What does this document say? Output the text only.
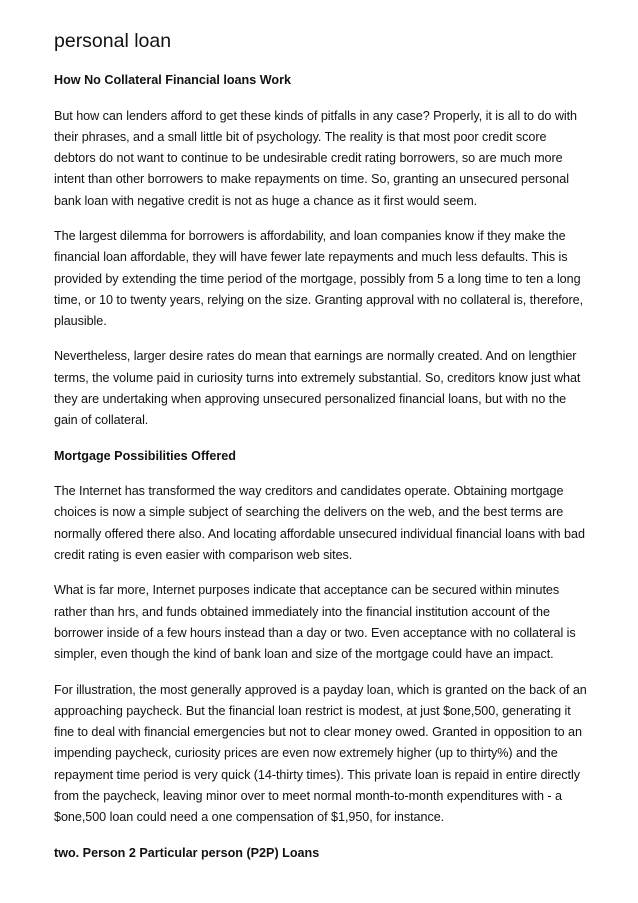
personal loan
How No Collateral Financial loans Work

But how can lenders afford to get these kinds of pitfalls in any case? Properly, it is all to do with their phrases, and a small little bit of psychology. The reality is that most poor credit score debtors do not want to continue to be undesirable credit rating borrowers, so are much more intent than other borrowers to make repayments on time. So, granting an unsecured personal bank loan with negative credit is not as huge a chance as it first would seem.

The largest dilemma for borrowers is affordability, and loan companies know if they make the financial loan affordable, they will have fewer late repayments and much less defaults. This is provided by extending the time period of the mortgage, possibly from 5 a long time to ten a long time, or 10 to twenty years, relying on the size. Granting approval with no collateral is, therefore, plausible.

Nevertheless, larger desire rates do mean that earnings are normally created. And on lengthier terms, the volume paid in curiosity turns into extremely substantial. So, creditors know just what they are undertaking when approving unsecured personalized financial loans, but with no the gain of collateral.

Mortgage Possibilities Offered

The Internet has transformed the way creditors and candidates operate. Obtaining mortgage choices is now a simple subject of searching the delivers on the web, and the best terms are normally offered there also. And locating affordable unsecured individual financial loans with bad credit rating is even easier with comparison web sites.

What is far more, Internet purposes indicate that acceptance can be secured within minutes rather than hrs, and funds obtained immediately into the financial institution account of the borrower inside of a few hours instead than a day or two. Even acceptance with no collateral is simpler, even though the kind of bank loan and size of the mortgage could have an impact.

For illustration, the most generally approved is a payday loan, which is granted on the back of an approaching paycheck. But the financial loan restrict is modest, at just $one,500, generating it fine to deal with financial emergencies but not to clear money owed. Granted in opposition to an impending paycheck, curiosity prices are even now extremely higher (up to thirty%) and the repayment time period is very quick (14-thirty times). This private loan is repaid in entire directly from the paycheck, leaving minor over to meet normal month-to-month expenditures with - a $one,500 loan could need a one compensation of $1,950, for instance.

two. Person 2 Particular person (P2P) Loans
